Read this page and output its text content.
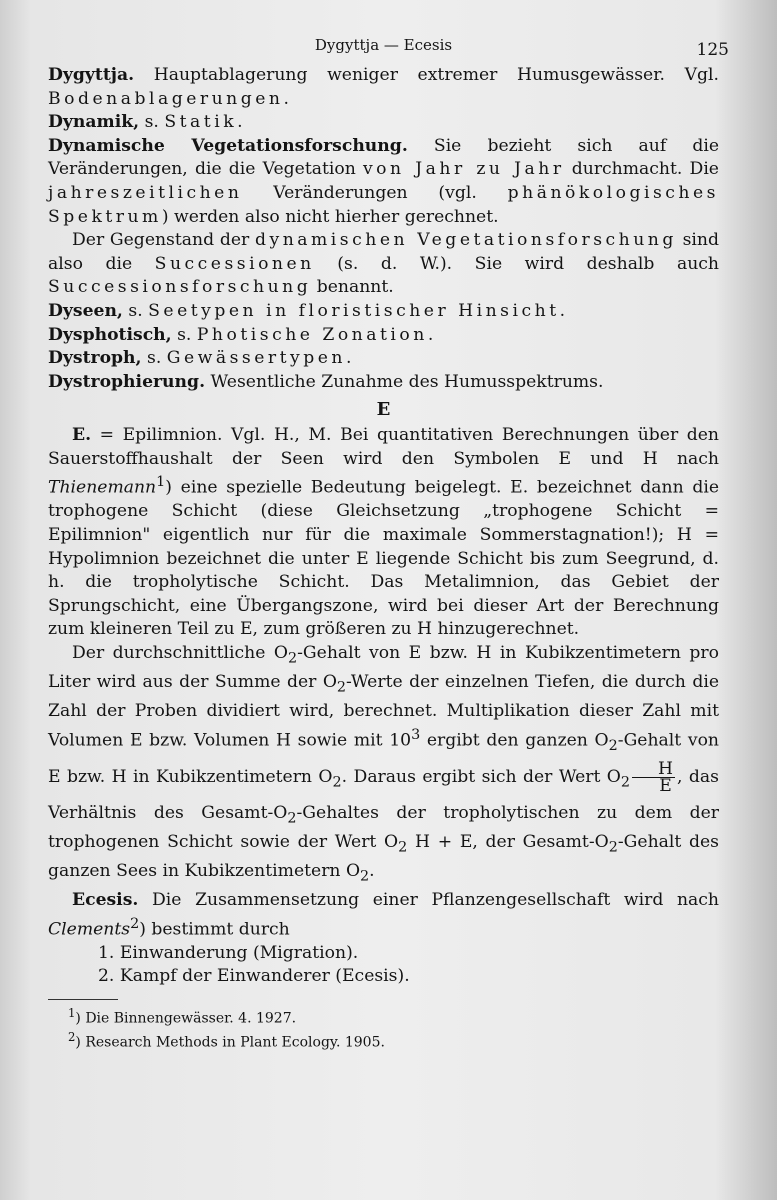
Dygyttja — Ecesis	125

Dygyttja. Hauptablagerung weniger extremer Humusgewässer. Vgl. Bodenablagerungen.

Dynamik, s. Statik.

Dynamische Vegetationsforschung. Sie bezieht sich auf die Veränderungen, die die Vegetation von Jahr zu Jahr durchmacht. Die jahreszeitlichen Veränderungen (vgl. phänökologisches Spektrum) werden also nicht hierher gerechnet.

Der Gegenstand der dynamischen Vegetationsforschung sind also die Successionen (s. d. W.). Sie wird deshalb auch Successionsforschung benannt.

Dyseen, s. Seetypen in floristischer Hinsicht.

Dysphotisch, s. Photische Zonation.

Dystroph, s. Gewässertypen.

Dystrophierung. Wesentliche Zunahme des Humusspektrums.

E

E. = Epilimnion. Vgl. H., M. Bei quantitativen Berechnungen über den Sauerstoffhaushalt der Seen wird den Symbolen E und H nach Thienemann$^1$) eine spezielle Bedeutung beigelegt. E. bezeichnet dann die trophogene Schicht (diese Gleichsetzung „trophogene Schicht = Epilimnion" eigentlich nur für die maximale Sommerstagnation!); H = Hypolimnion bezeichnet die unter E liegende Schicht bis zum Seegrund, d. h. die tropholytische Schicht. Das Metalimnion, das Gebiet der Sprungschicht, eine Übergangszone, wird bei dieser Art der Berechnung zum kleineren Teil zu E, zum größeren zu H hinzugerechnet.

Der durchschnittliche $O_2$-Gehalt von E bzw. H in Kubikzentimetern pro Liter wird aus der Summe der $O_2$-Werte der einzelnen Tiefen, die durch die Zahl der Proben dividiert wird, berechnet. Multiplikation dieser Zahl mit Volumen E bzw. Volumen H sowie mit $10^3$ ergibt den ganzen $O_2$-Gehalt von E bzw. H in Kubikzentimetern $O_2$. Daraus ergibt sich der Wert $O_2 \frac{H}{E}$ , das Verhältnis des Gesamt-$O_2$-Gehaltes der tropholytischen zu dem der trophogenen Schicht sowie der Wert $O_2$ H + E, der Gesamt-$O_2$-Gehalt des ganzen Sees in Kubikzentimetern $O_2$.

Ecesis. Die Zusammensetzung einer Pflanzengesellschaft wird nach Clements$^2$) bestimmt durch

1. Einwanderung (Migration).

2. Kampf der Einwanderer (Ecesis).

$^1$) Die Binnengewässer. 4. 1927.

$^2$) Research Methods in Plant Ecology. 1905.
